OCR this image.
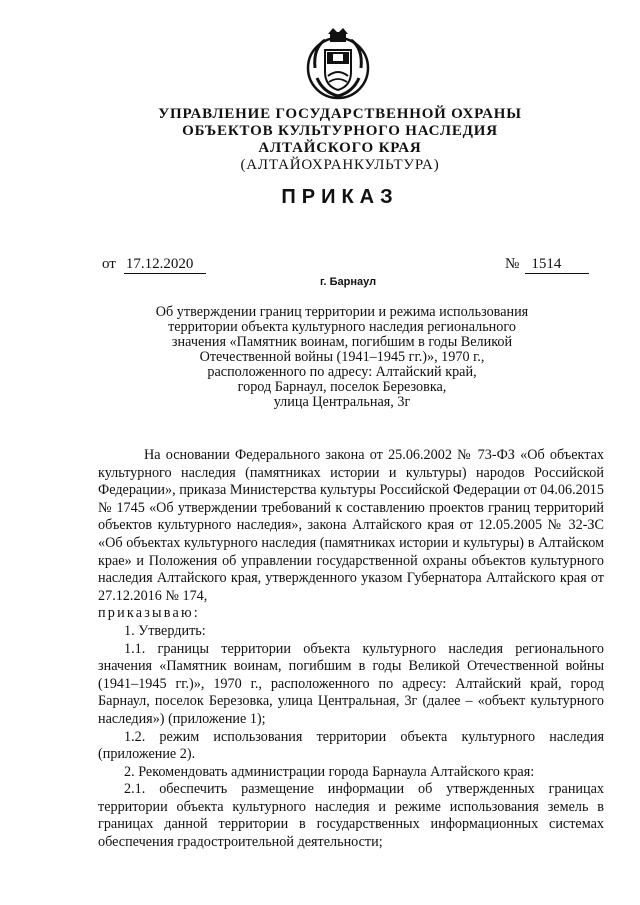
УПРАВЛЕНИЕ ГОСУДАРСТВЕННОЙ ОХРАНЫ
ОБЪЕКТОВ КУЛЬТУРНОГО НАСЛЕДИЯ
АЛТАЙСКОГО КРАЯ
(АЛТАЙОХРАНКУЛЬТУРА)
ПРИКАЗ
от 17.12.2020	№ 1514
г. Барнаул
Об утверждении границ территории и режима использования
территории объекта культурного наследия регионального
значения «Памятник воинам, погибшим в годы Великой
Отечественной войны (1941–1945 гг.)», 1970 г.,
расположенного по адресу: Алтайский край,
город Барнаул, поселок Березовка,
улица Центральная, 3г

На основании Федерального закона от 25.06.2002 № 73-ФЗ «Об объектах культурного наследия (памятниках истории и культуры) народов Российской Федерации», приказа Министерства культуры Российской Федерации от 04.06.2015 № 1745 «Об утверждении требований к составлению проектов границ территорий объектов культурного наследия», закона Алтайского края от 12.05.2005 № 32-ЗС «Об объектах культурного наследия (памятниках истории и культуры) в Алтайском крае» и Положения об управлении государственной охраны объектов культурного наследия Алтайского края, утвержденного указом Губернатора Алтайского края от 27.12.2016 № 174,

приказываю:

1. Утвердить:

1.1. границы территории объекта культурного наследия регионального значения «Памятник воинам, погибшим в годы Великой Отечественной войны (1941–1945 гг.)», 1970 г., расположенного по адресу: Алтайский край, город Барнаул, поселок Березовка, улица Центральная, 3г (далее – «объект культурного наследия») (приложение 1);

1.2. режим использования территории объекта культурного наследия (приложение 2).

2. Рекомендовать администрации города Барнаула Алтайского края:

2.1. обеспечить размещение информации об утвержденных границах территории объекта культурного наследия и режиме использования земель в границах данной территории в государственных информационных системах обеспечения градостроительной деятельности;
